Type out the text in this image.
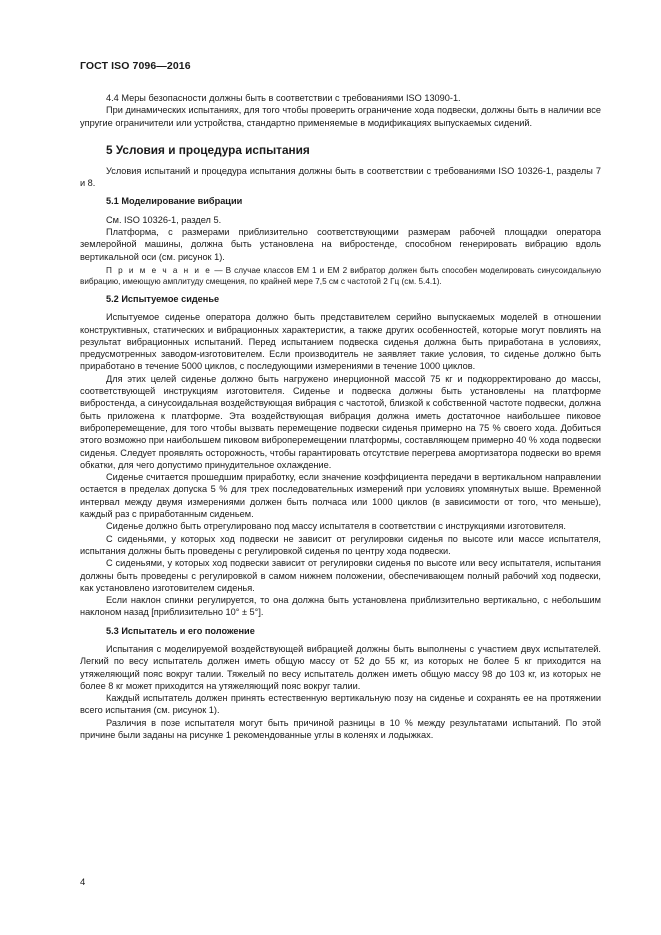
ГОСТ ISO 7096—2016

4.4 Меры безопасности должны быть в соответствии с требованиями ISO 13090-1.

При динамических испытаниях, для того чтобы проверить ограничение хода подвески, должны быть в наличии все упругие ограничители или устройства, стандартно применяемые в модификациях выпускаемых сидений.

5 Условия и процедура испытания

Условия испытаний и процедура испытания должны быть в соответствии с требованиями ISO 10326-1, разделы 7 и 8.

5.1 Моделирование вибрации

См. ISO 10326-1, раздел 5.

Платформа, с размерами приблизительно соответствующими размерам рабочей площадки оператора землеройной машины, должна быть установлена на вибростенде, способном генерировать вибрацию вдоль вертикальной оси (см. рисунок 1).

П р и м е ч а н и е — В случае классов EM 1 и EM 2 вибратор должен быть способен моделировать синусоидальную вибрацию, имеющую амплитуду смещения, по крайней мере 7,5 см с частотой 2 Гц (см. 5.4.1).

5.2 Испытуемое сиденье

Испытуемое сиденье оператора должно быть представителем серийно выпускаемых моделей в отношении конструктивных, статических и вибрационных характеристик, а также других особенностей, которые могут повлиять на результат вибрационных испытаний. Перед испытанием подвеска сиденья должна быть приработана в условиях, предусмотренных заводом-изготовителем. Если производитель не заявляет такие условия, то сиденье должно быть приработано в течение 5000 циклов, с последующими измерениями в течение 1000 циклов.

Для этих целей сиденье должно быть нагружено инерционной массой 75 кг и подкорректировано до массы, соответствующей инструкциям изготовителя. Сиденье и подвеска должны быть установлены на платформе вибростенда, а синусоидальная воздействующая вибрация с частотой, близкой к собственной частоте подвески, должна быть приложена к платформе. Эта воздействующая вибрация должна иметь достаточное наибольшее пиковое виброперемещение, для того чтобы вызвать перемещение подвески сиденья примерно на 75 % своего хода. Добиться этого возможно при наибольшем пиковом виброперемещении платформы, составляющем примерно 40 % хода подвески сиденья. Следует проявлять осторожность, чтобы гарантировать отсутствие перегрева амортизатора подвески во время обкатки, для чего допустимо принудительное охлаждение.

Сиденье считается прошедшим приработку, если значение коэффициента передачи в вертикальном направлении остается в пределах допуска 5 % для трех последовательных измерений при условиях упомянутых выше. Временной интервал между двумя измерениями должен быть полчаса или 1000 циклов (в зависимости от того, что меньше), каждый раз с приработанным сиденьем.

Сиденье должно быть отрегулировано под массу испытателя в соответствии с инструкциями изготовителя.

С сиденьями, у которых ход подвески не зависит от регулировки сиденья по высоте или массе испытателя, испытания должны быть проведены с регулировкой сиденья по центру хода подвески.

С сиденьями, у которых ход подвески зависит от регулировки сиденья по высоте или весу испытателя, испытания должны быть проведены с регулировкой в самом нижнем положении, обеспечивающем полный рабочий ход подвески, как установлено изготовителем сиденья.

Если наклон спинки регулируется, то она должна быть установлена приблизительно вертикально, с небольшим наклоном назад [приблизительно 10° ± 5°].

5.3 Испытатель и его положение

Испытания с моделируемой воздействующей вибрацией должны быть выполнены с участием двух испытателей. Легкий по весу испытатель должен иметь общую массу от 52 до 55 кг, из которых не более 5 кг приходится на утяжеляющий пояс вокруг талии. Тяжелый по весу испытатель должен иметь общую массу 98 до 103 кг, из которых не более 8 кг может приходится на утяжеляющий пояс вокруг талии.

Каждый испытатель должен принять естественную вертикальную позу на сиденье и сохранять ее на протяжении всего испытания (см. рисунок 1).

Различия в позе испытателя могут быть причиной разницы в 10 % между результатами испытаний. По этой причине были заданы на рисунке 1 рекомендованные углы в коленях и лодыжках.

4
